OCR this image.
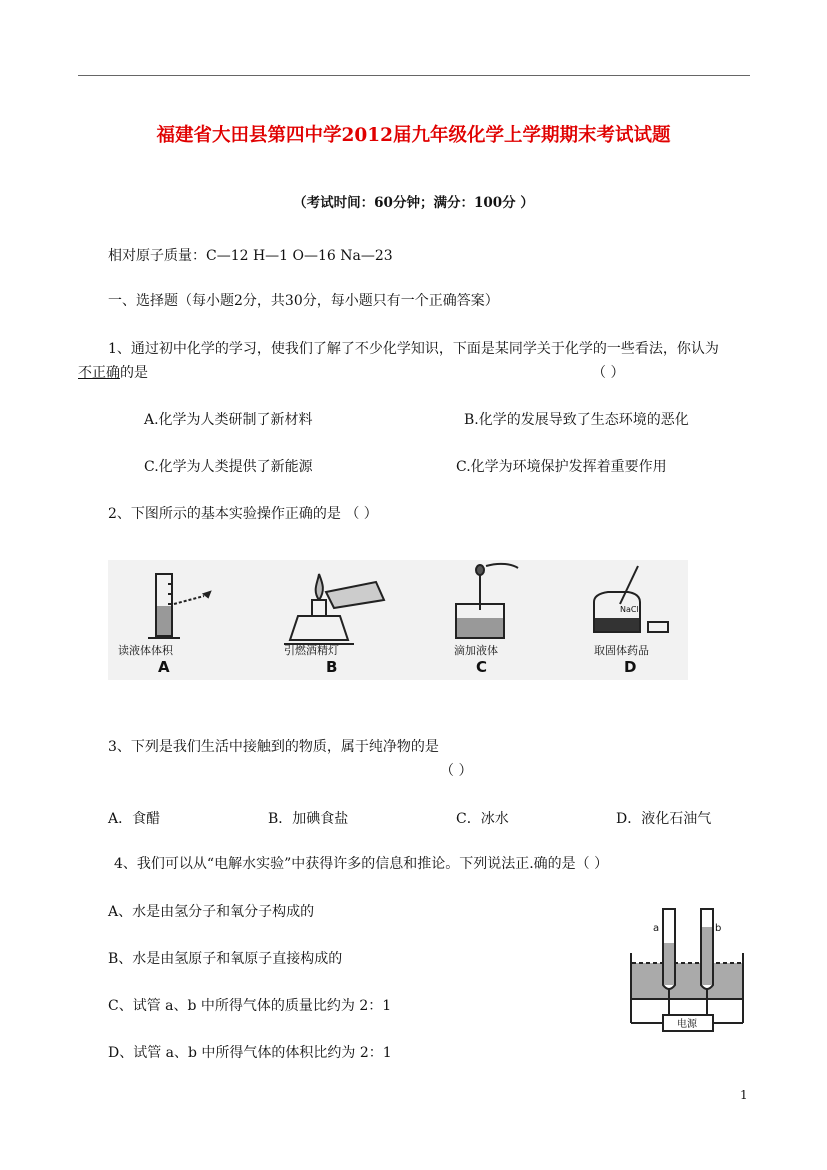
福建省大田县第四中学2012届九年级化学上学期期末考试试题
（考试时间：60分钟；满分：100分 ）
相对原子质量：C—12 H—1 O—16 Na—23
一、选择题（每小题2分，共30分，每小题只有一个正确答案）
1、通过初中化学的学习，使我们了解了不少化学知识，下面是某同学关于化学的一些看法，你认为
不正确的是	（ ）
A.化学为人类研制了新材料	B.化学的发展导致了生态环境的恶化
C.化学为人类提供了新能源	C.化学为环境保护发挥着重要作用
2、下图所示的基本实验操作正确的是 （ ）
读液体体积
A
引燃酒精灯
B
滴加液体
C
NaCl
取固体药品
D
3、下列是我们生活中接触到的物质，属于纯净物的是
（ ）
A．食醋	B．加碘食盐	C．冰水	D．液化石油气
4、我们可以从“电解水实验”中获得许多的信息和推论。下列说法正.确的是（ ）
A、水是由氢分子和氧分子构成的
B、水是由氢原子和氧原子直接构成的
C、试管 a、b 中所得气体的质量比约为 2：1
D、试管 a、b 中所得气体的体积比约为 2：1
a	b
电源
1
